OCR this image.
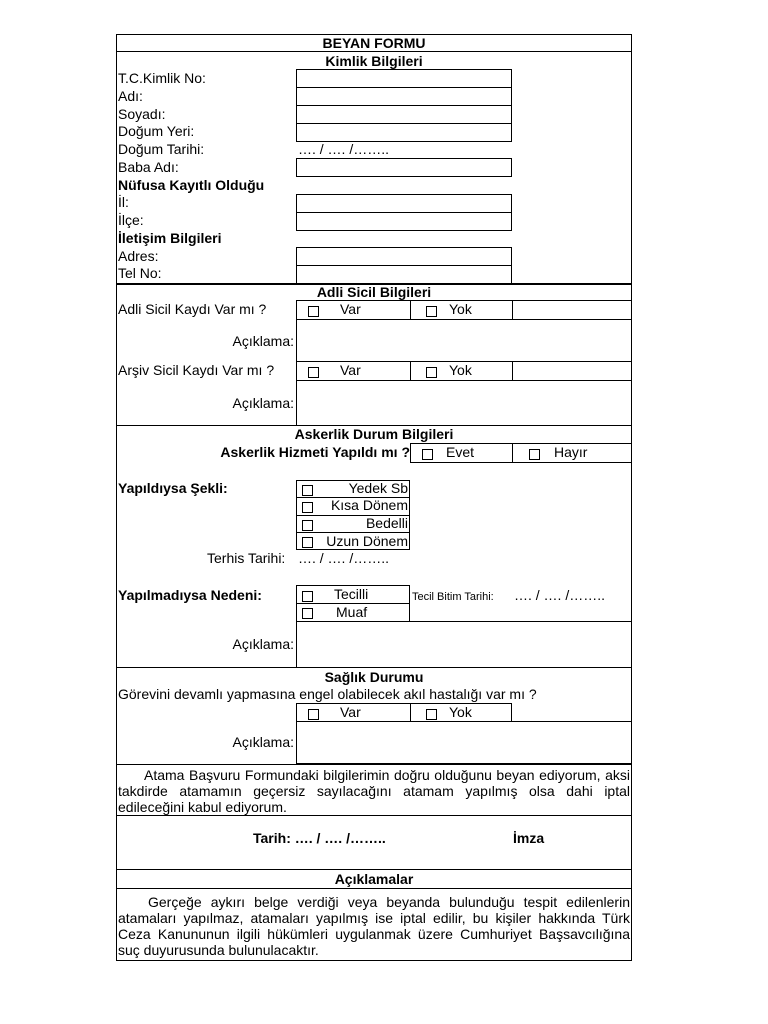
BEYAN FORMU
Kimlik Bilgileri
T.C.Kimlik No:
Adı:
Soyadı:
Doğum Yeri:
Doğum Tarihi:	…. / …. /……..
Baba Adı:
Nüfusa Kayıtlı Olduğu
İl:
İlçe:
İletişim Bilgileri
Adres:
Tel No:
Adli Sicil Bilgileri
Adli Sicil Kaydı Var mı ?	Var	Yok
Açıklama:
Arşiv Sicil Kaydı Var mı ?	Var	Yok
Açıklama:
Askerlik Durum Bilgileri
Askerlik Hizmeti Yapıldı mı ?	Evet	Hayır
Yapıldıysa Şekli:	Yedek Sb
Kısa Dönem
Bedelli
Uzun Dönem
Terhis Tarihi: …. / …. /……..
Yapılmadıysa Nedeni:	Tecilli
Muaf
Tecil Bitim Tarihi: …. / …. /……..
Açıklama:
Sağlık Durumu
Görevini devamlı yapmasına engel olabilecek akıl hastalığı var mı ?
Var	Yok
Açıklama:
Atama Başvuru Formundaki bilgilerimin doğru olduğunu beyan ediyorum, aksi takdirde atamamın geçersiz sayılacağını atamam yapılmış olsa dahi iptal edileceğini kabul ediyorum.
Tarih: …. / …. /……..	İmza
Açıklamalar
Gerçeğe aykırı belge verdiği veya beyanda bulunduğu tespit edilenlerin atamaları yapılmaz, atamaları yapılmış ise iptal edilir, bu kişiler hakkında Türk Ceza Kanununun ilgili hükümleri uygulanmak üzere Cumhuriyet Başsavcılığına suç duyurusunda bulunulacaktır.
